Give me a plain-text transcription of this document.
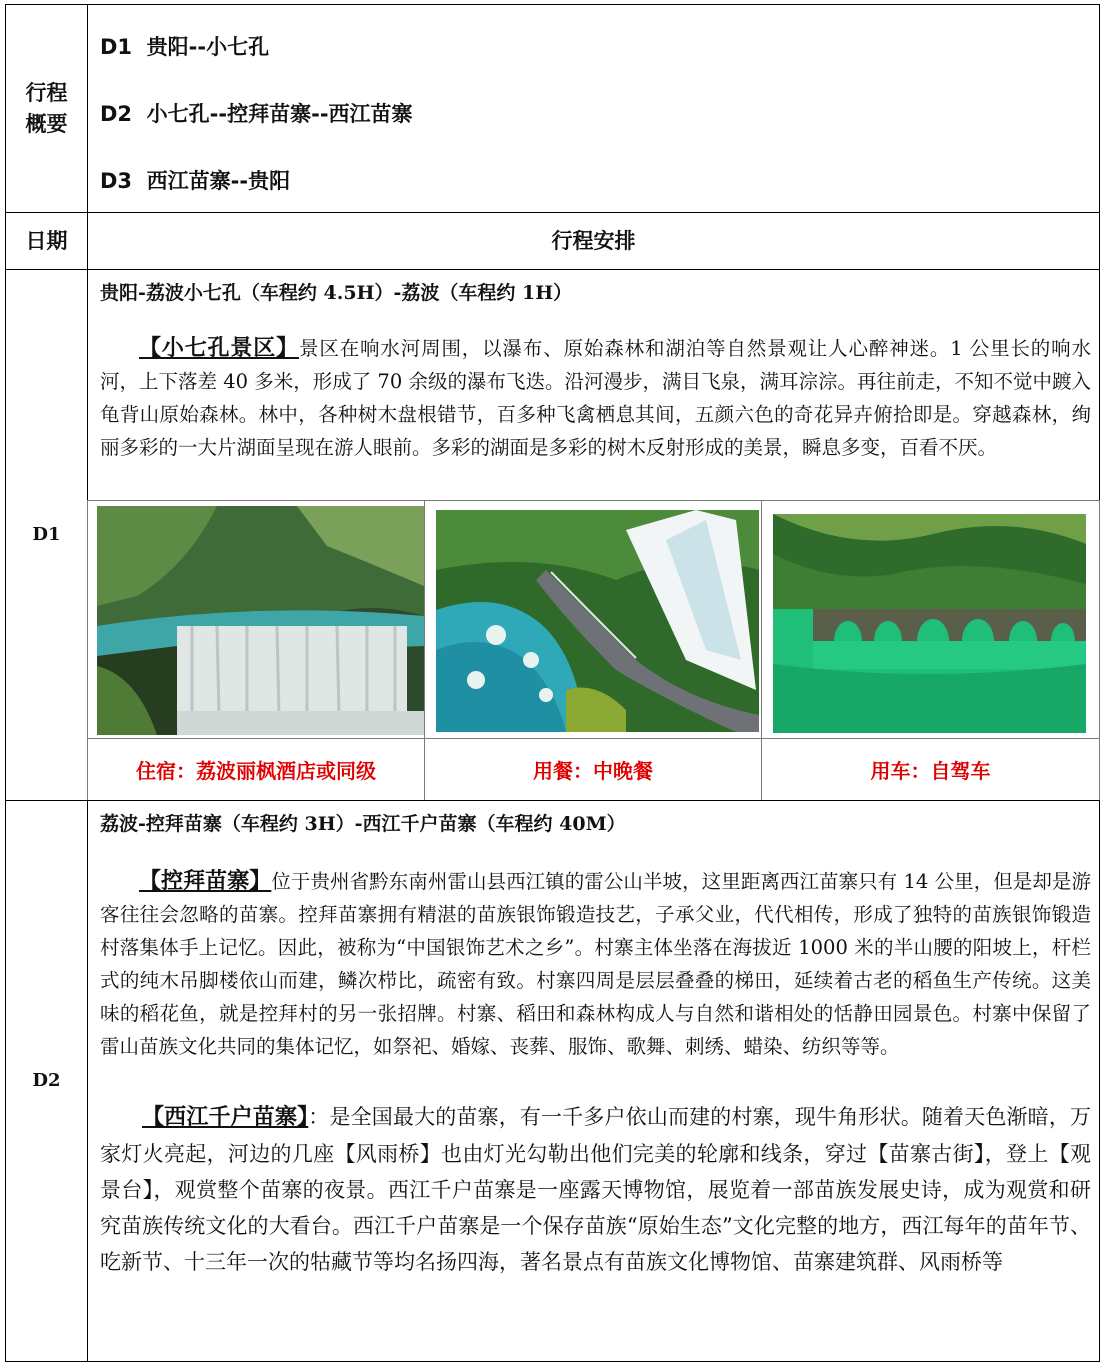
行程
概要
D1 贵阳--小七孔
D2 小七孔--控拜苗寨--西江苗寨
D3 西江苗寨--贵阳
日期	行程安排
D1
贵阳-荔波小七孔（车程约 4.5H）-荔波（车程约 1H）
【小七孔景区】景区在响水河周围，以瀑布、原始森林和湖泊等自然景观让人心醉神迷。1 公里长的响水河，上下落差 40 多米，形成了 70 余级的瀑布飞迭。沿河漫步，满目飞泉，满耳淙淙。再往前走，不知不觉中踱入龟背山原始森林。林中，各种树木盘根错节，百多种飞禽栖息其间，五颜六色的奇花异卉俯拾即是。穿越森林，绚丽多彩的一大片湖面呈现在游人眼前。多彩的湖面是多彩的树木反射形成的美景，瞬息多变，百看不厌。
住宿：荔波丽枫酒店或同级	用餐：中晚餐	用车：自驾车
D2
荔波-控拜苗寨（车程约 3H）-西江千户苗寨（车程约 40M）
【控拜苗寨】位于贵州省黔东南州雷山县西江镇的雷公山半坡，这里距离西江苗寨只有 14 公里，但是却是游客往往会忽略的苗寨。控拜苗寨拥有精湛的苗族银饰锻造技艺，子承父业，代代相传，形成了独特的苗族银饰锻造村落集体手上记忆。因此，被称为“中国银饰艺术之乡”。村寨主体坐落在海拔近 1000 米的半山腰的阳坡上，杆栏式的纯木吊脚楼依山而建，鳞次栉比，疏密有致。村寨四周是层层叠叠的梯田，延续着古老的稻鱼生产传统。这美味的稻花鱼，就是控拜村的另一张招牌。村寨、稻田和森林构成人与自然和谐相处的恬静田园景色。村寨中保留了雷山苗族文化共同的集体记忆，如祭祀、婚嫁、丧葬、服饰、歌舞、刺绣、蜡染、纺织等等。
【西江千户苗寨】：是全国最大的苗寨，有一千多户依山而建的村寨，现牛角形状。随着天色渐暗，万家灯火亮起，河边的几座【风雨桥】也由灯光勾勒出他们完美的轮廓和线条，穿过【苗寨古街】，登上【观景台】，观赏整个苗寨的夜景。西江千户苗寨是一座露天博物馆，展览着一部苗族发展史诗，成为观赏和研究苗族传统文化的大看台。西江千户苗寨是一个保存苗族“原始生态”文化完整的地方，西江每年的苗年节、吃新节、十三年一次的牯藏节等均名扬四海，著名景点有苗族文化博物馆、苗寨建筑群、风雨桥等
